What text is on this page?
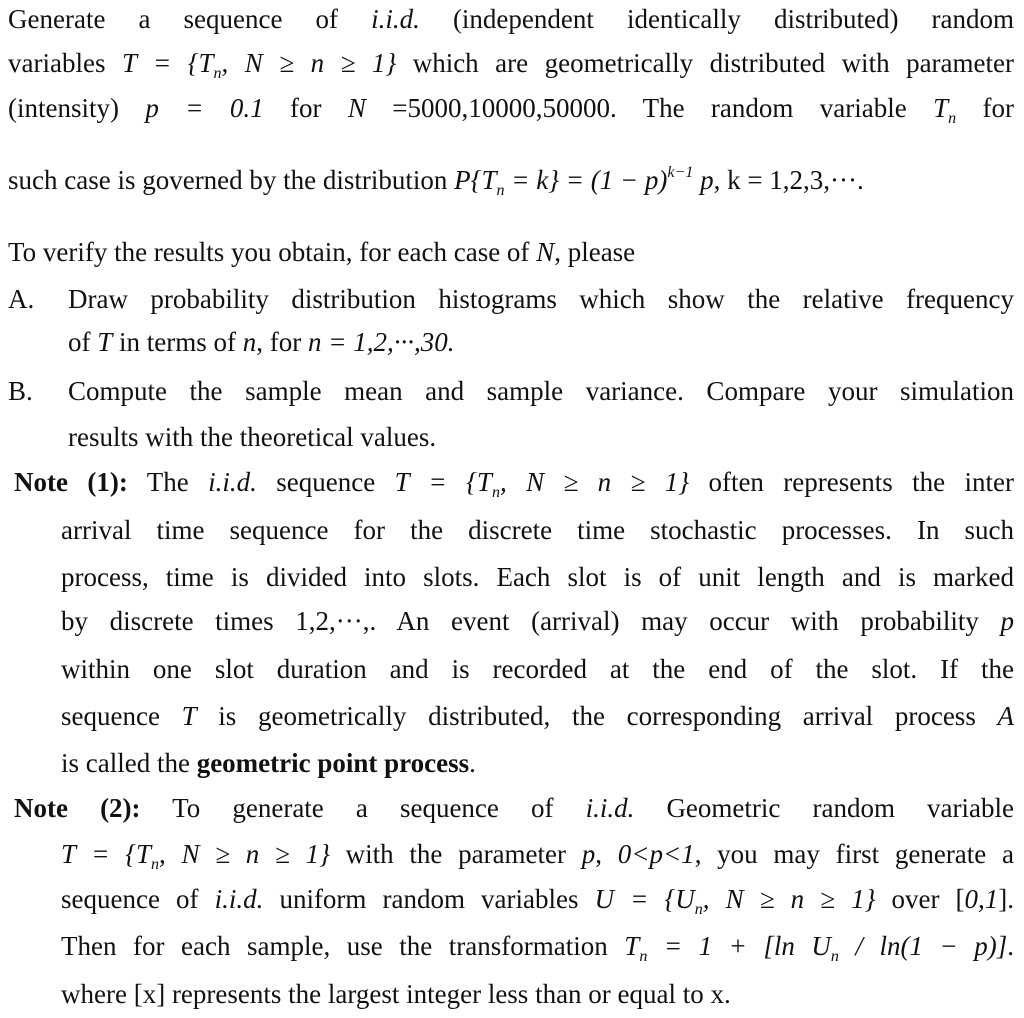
Generate a sequence of i.i.d. (independent identically distributed) random
variables $T = \{T_n$, N ≥ n ≥ 1} which are geometrically distributed with parameter
(intensity) p = 0.1 for N =5000,10000,50000. The random variable $T_n$ for
such case is governed by the distribution $P\{T_n = k\} = (1 - p)^{k-1}$ p, k = 1,2,3,···.
To verify the results you obtain, for each case of N, please
A. Draw probability distribution histograms which show the relative frequency
of T in terms of n, for n = 1,2,···,30.
B. Compute the sample mean and sample variance. Compare your simulation
results with the theoretical values.
Note (1): The i.i.d. sequence $T = \{T_n$, N ≥ n ≥ 1} often represents the inter
arrival time sequence for the discrete time stochastic processes. In such
process, time is divided into slots. Each slot is of unit length and is marked
by discrete times 1,2,···,. An event (arrival) may occur with probability p
within one slot duration and is recorded at the end of the slot. If the
sequence T is geometrically distributed, the corresponding arrival process A
is called the geometric point process.
Note (2): To generate a sequence of i.i.d. Geometric random variable
$T = \{T_n$, N ≥ n ≥ 1} with the parameter p, 0<p<1, you may first generate a
sequence of i.i.d. uniform random variables $U = \{U_n$, N ≥ n ≥ 1} over [0,1].
Then for each sample, use the transformation $T_n = 1 + [\ln$ $U_n / \ln(1 - p)$].
where [x] represents the largest integer less than or equal to x.
